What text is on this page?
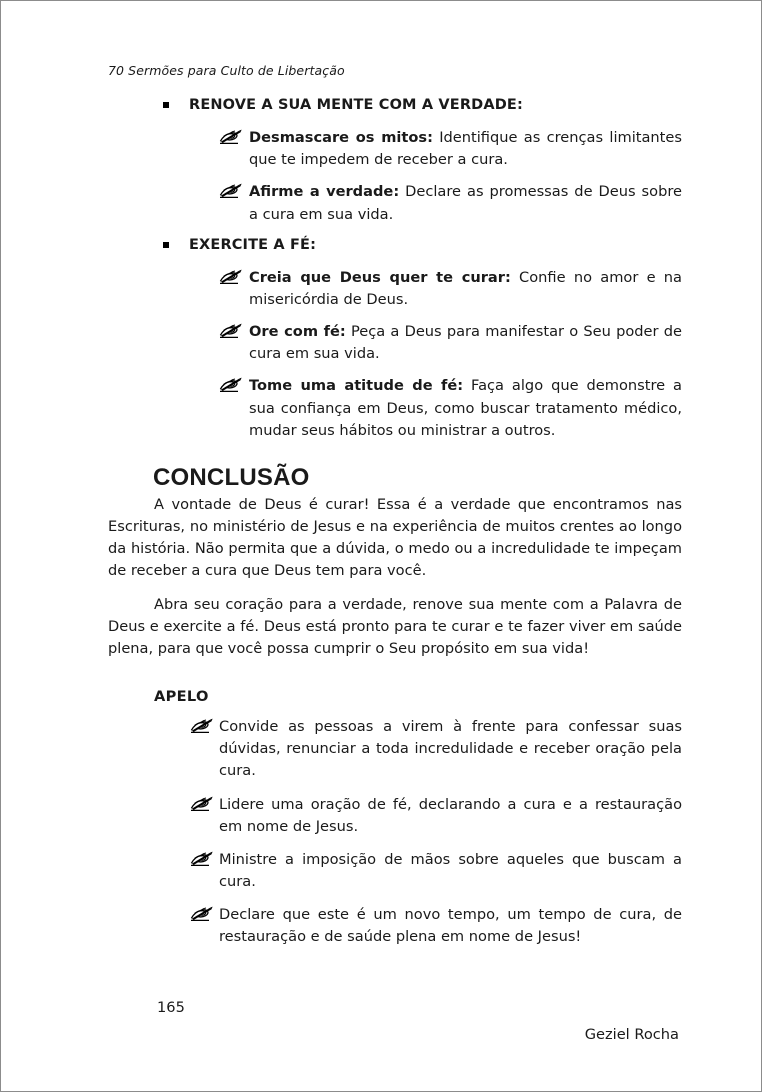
70 Sermões para Culto de Libertação
RENOVE A SUA MENTE COM A VERDADE:

Desmascare os mitos: Identifique as crenças limitantes que te impedem de receber a cura.

Afirme a verdade: Declare as promessas de Deus sobre a cura em sua vida.

EXERCITE A FÉ:

Creia que Deus quer te curar: Confie no amor e na misericórdia de Deus.

Ore com fé: Peça a Deus para manifestar o Seu poder de cura em sua vida.

Tome uma atitude de fé: Faça algo que demonstre a sua confiança em Deus, como buscar tratamento médico, mudar seus hábitos ou ministrar a outros.

CONCLUSÃO

A vontade de Deus é curar! Essa é a verdade que encontramos nas Escrituras, no ministério de Jesus e na experiência de muitos crentes ao longo da história. Não permita que a dúvida, o medo ou a incredulidade te impeçam de receber a cura que Deus tem para você.

Abra seu coração para a verdade, renove sua mente com a Palavra de Deus e exercite a fé. Deus está pronto para te curar e te fazer viver em saúde plena, para que você possa cumprir o Seu propósito em sua vida!

APELO

Convide as pessoas a virem à frente para confessar suas dúvidas, renunciar a toda incredulidade e receber oração pela cura.

Lidere uma oração de fé, declarando a cura e a restauração em nome de Jesus.

Ministre a imposição de mãos sobre aqueles que buscam a cura.

Declare que este é um novo tempo, um tempo de cura, de restauração e de saúde plena em nome de Jesus!

165
Geziel Rocha
